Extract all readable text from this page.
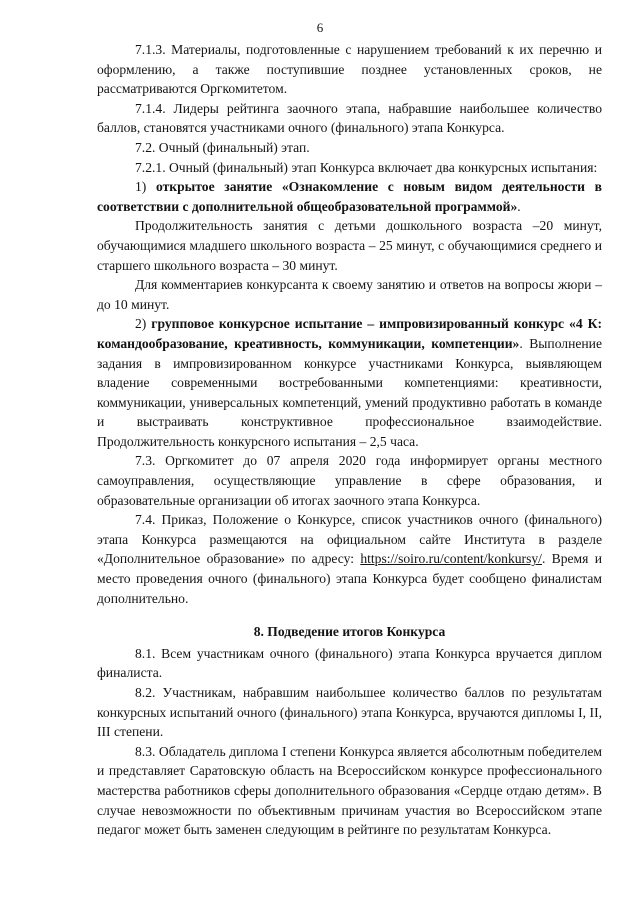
6

7.1.3. Материалы, подготовленные с нарушением требований к их перечню и оформлению, а также поступившие позднее установленных сроков, не рассматриваются Оргкомитетом.

7.1.4. Лидеры рейтинга заочного этапа, набравшие наибольшее количество баллов, становятся участниками очного (финального) этапа Конкурса.

7.2. Очный (финальный) этап.

7.2.1. Очный (финальный) этап Конкурса включает два конкурсных испытания:

1) открытое занятие «Ознакомление с новым видом деятельности в соответствии с дополнительной общеобразовательной программой».

Продолжительность занятия с детьми дошкольного возраста –20 минут, обучающимися младшего школьного возраста – 25 минут, с обучающимися среднего и старшего школьного возраста – 30 минут.

Для комментариев конкурсанта к своему занятию и ответов на вопросы жюри – до 10 минут.

2) групповое конкурсное испытание – импровизированный конкурс «4 К: командообразование, креативность, коммуникации, компетенции». Выполнение задания в импровизированном конкурсе участниками Конкурса, выявляющем владение современными востребованными компетенциями: креативности, коммуникации, универсальных компетенций, умений продуктивно работать в команде и выстраивать конструктивное профессиональное взаимодействие. Продолжительность конкурсного испытания – 2,5 часа.

7.3. Оргкомитет до 07 апреля 2020 года информирует органы местного самоуправления, осуществляющие управление в сфере образования, и образовательные организации об итогах заочного этапа Конкурса.

7.4. Приказ, Положение о Конкурсе, список участников очного (финального) этапа Конкурса размещаются на официальном сайте Института в разделе «Дополнительное образование» по адресу: https://soiro.ru/content/konkursy/. Время и место проведения очного (финального) этапа Конкурса будет сообщено финалистам дополнительно.

8. Подведение итогов Конкурса

8.1. Всем участникам очного (финального) этапа Конкурса вручается диплом финалиста.

8.2. Участникам, набравшим наибольшее количество баллов по результатам конкурсных испытаний очного (финального) этапа Конкурса, вручаются дипломы I, II, III степени.

8.3. Обладатель диплома I степени Конкурса является абсолютным победителем и представляет Саратовскую область на Всероссийском конкурсе профессионального мастерства работников сферы дополнительного образования «Сердце отдаю детям». В случае невозможности по объективным причинам участия во Всероссийском этапе педагог может быть заменен следующим в рейтинге по результатам Конкурса.
